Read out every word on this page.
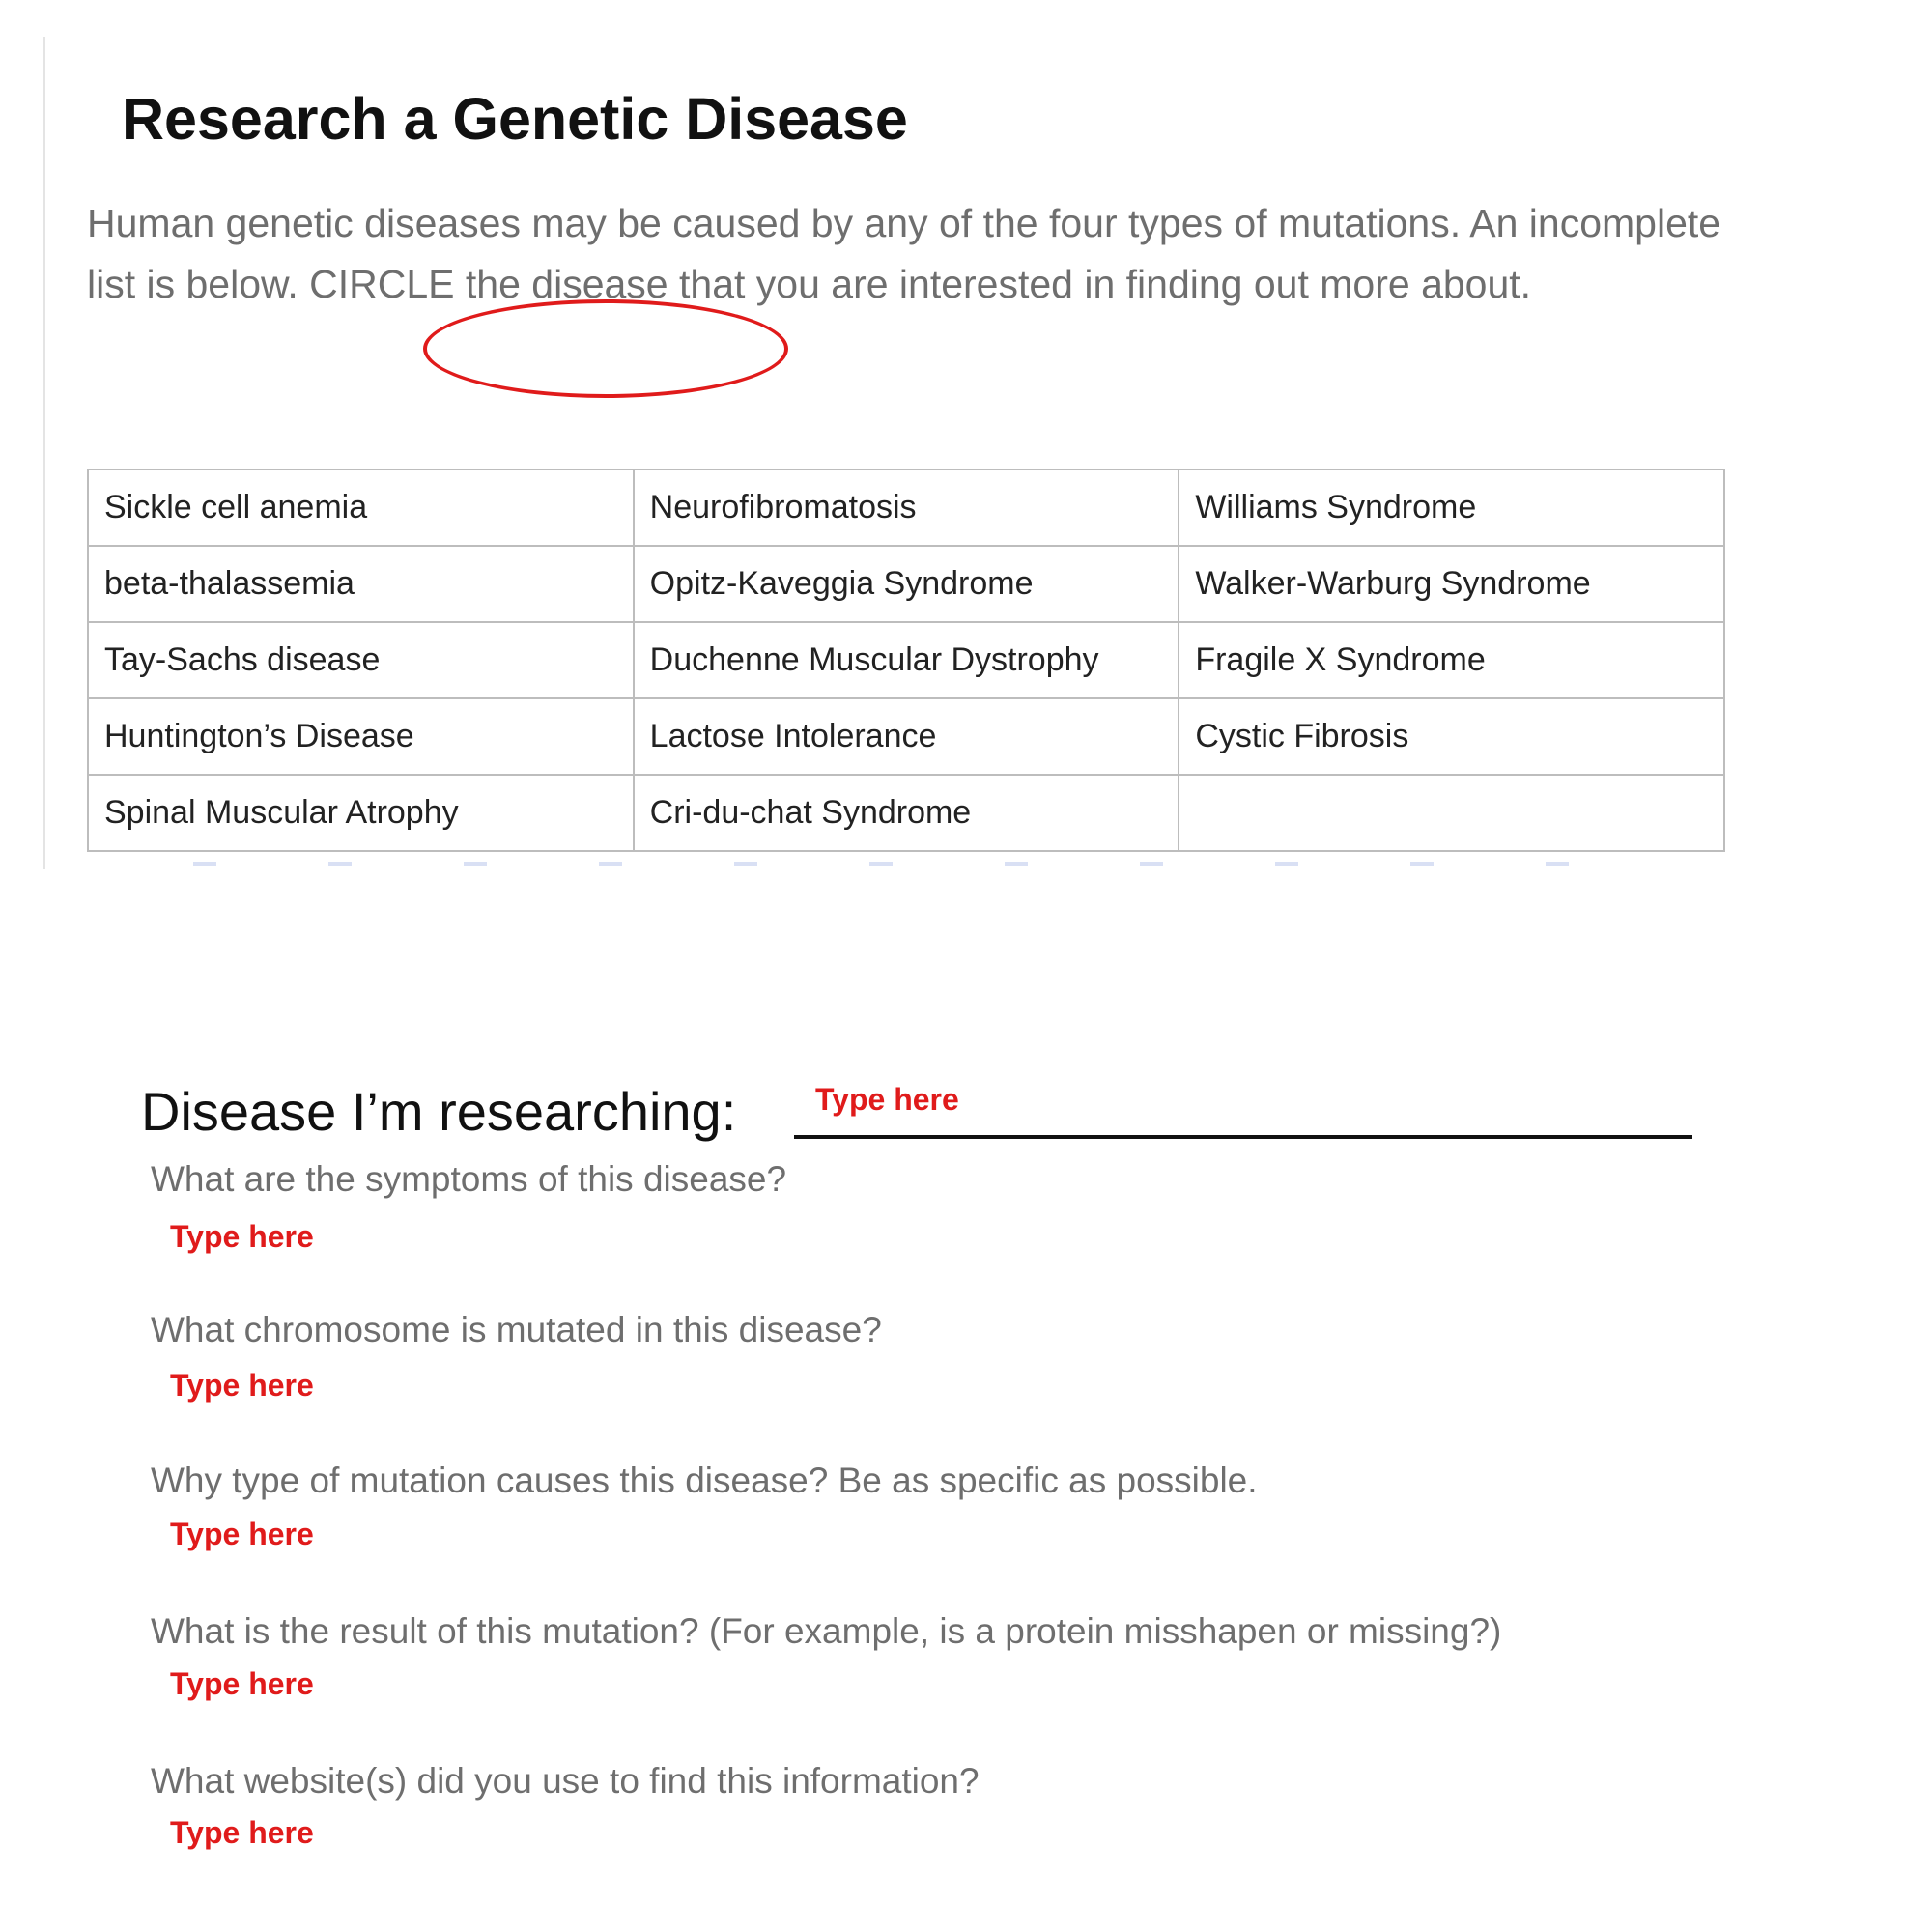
Research a Genetic Disease

Human genetic diseases may be caused by any of the four types of mutations. An incomplete list is below. CIRCLE the disease that you are interested in finding out more about.

Sickle cell anemia	Neurofibromatosis	Williams Syndrome
beta-thalassemia	Opitz-Kaveggia Syndrome	Walker-Warburg Syndrome
Tay-Sachs disease	Duchenne Muscular Dystrophy	Fragile X Syndrome
Huntington’s Disease	Lactose Intolerance	Cystic Fibrosis
Spinal Muscular Atrophy	Cri-du-chat Syndrome	
Disease I’m researching:	Type here
What are the symptoms of this disease?
Type here
What chromosome is mutated in this disease?
Type here
Why type of mutation causes this disease? Be as specific as possible.
Type here
What is the result of this mutation? (For example, is a protein misshapen or missing?)
Type here
What website(s) did you use to find this information?
Type here
